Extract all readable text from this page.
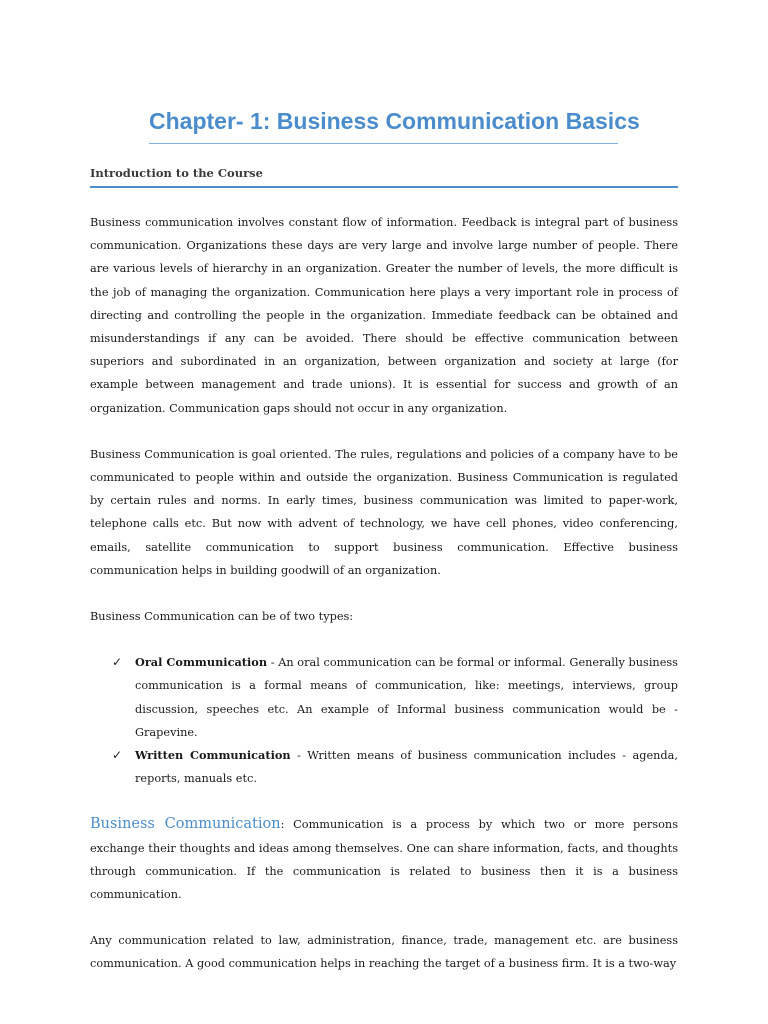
Chapter- 1: Business Communication Basics
Introduction to the Course

Business communication involves constant flow of information. Feedback is integral part of business communication. Organizations these days are very large and involve large number of people. There are various levels of hierarchy in an organization. Greater the number of levels, the more difficult is the job of managing the organization. Communication here plays a very important role in process of directing and controlling the people in the organization. Immediate feedback can be obtained and misunderstandings if any can be avoided. There should be effective communication between superiors and subordinated in an organization, between organization and society at large (for example between management and trade unions). It is essential for success and growth of an organization. Communication gaps should not occur in any organization.

Business Communication is goal oriented. The rules, regulations and policies of a company have to be communicated to people within and outside the organization. Business Communication is regulated by certain rules and norms. In early times, business communication was limited to paper-work, telephone calls etc. But now with advent of technology, we have cell phones, video conferencing, emails, satellite communication to support business communication. Effective business communication helps in building goodwill of an organization.

Business Communication can be of two types:

✓ Oral Communication - An oral communication can be formal or informal. Generally business communication is a formal means of communication, like: meetings, interviews, group discussion, speeches etc. An example of Informal business communication would be - Grapevine.
✓ Written Communication - Written means of business communication includes - agenda, reports, manuals etc.

Business Communication: Communication is a process by which two or more persons exchange their thoughts and ideas among themselves. One can share information, facts, and thoughts through communication. If the communication is related to business then it is a business communication.

Any communication related to law, administration, finance, trade, management etc. are business communication. A good communication helps in reaching the target of a business firm. It is a two-way
